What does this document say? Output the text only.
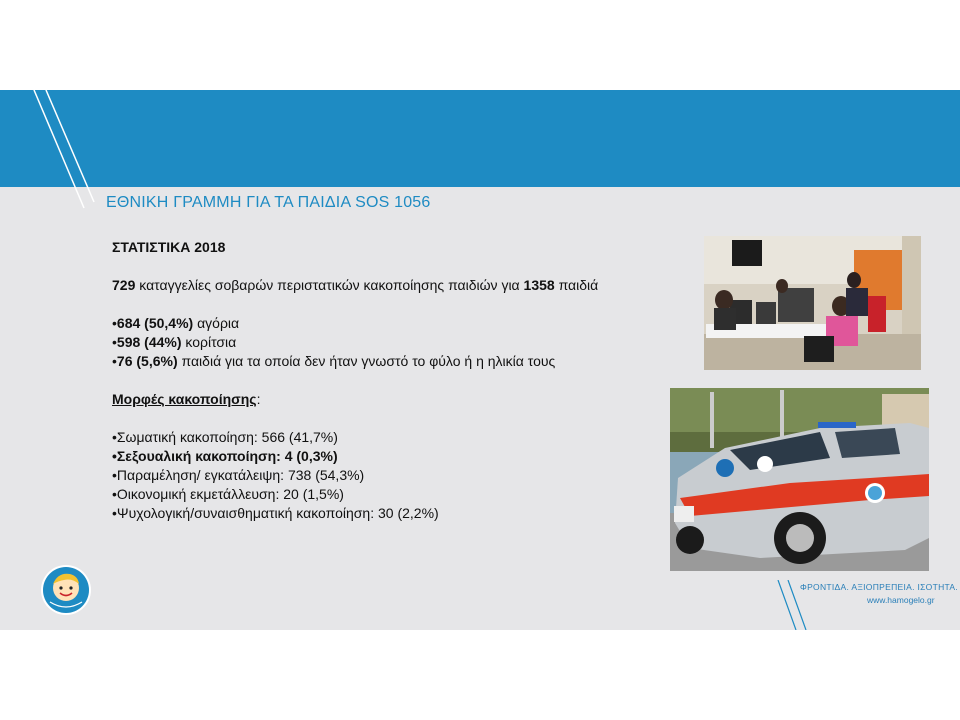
ΕΘΝΙΚΗ ΓΡΑΜΜΗ ΓΙΑ ΤΑ ΠΑΙΔΙΑ SOS 1056

ΣΤΑΤΙΣΤΙΚΑ 2018

729 καταγγελίες σοβαρών περιστατικών κακοποίησης παιδιών για 1358 παιδιά

•684 (50,4%) αγόρια

•598 (44%) κορίτσια

•76 (5,6%) παιδιά για τα οποία δεν ήταν γνωστό το φύλο ή η ηλικία τους

Μορφές κακοποίησης:

•Σωματική κακοποίηση: 566 (41,7%)

•Σεξουαλική κακοποίηση: 4 (0,3%)

•Παραμέληση/ εγκατάλειψη: 738 (54,3%)

•Οικονομική εκμετάλλευση: 20 (1,5%)

•Ψυχολογική/συναισθηματική κακοποίηση: 30 (2,2%)

ΦΡΟΝΤΙΔΑ. ΑΞΙΟΠΡΕΠΕΙΑ. ΙΣΟΤΗΤΑ.
www.hamogelo.gr
